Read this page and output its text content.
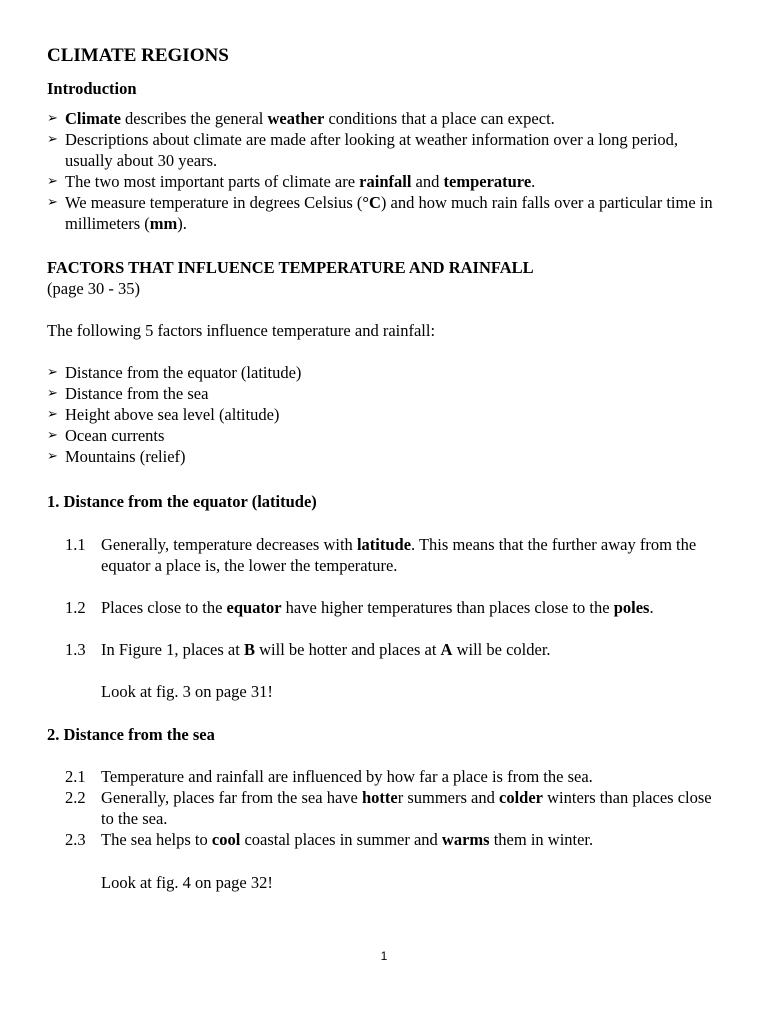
CLIMATE REGIONS
Introduction
➢ Climate describes the general weather conditions that a place can expect.
➢ Descriptions about climate are made after looking at weather information over a long period, usually about 30 years.
➢ The two most important parts of climate are rainfall and temperature.
➢ We measure temperature in degrees Celsius (°C) and how much rain falls over a particular time in millimeters (mm).
FACTORS THAT INFLUENCE TEMPERATURE AND RAINFALL
(page 30 - 35)
The following 5 factors influence temperature and rainfall:
➢ Distance from the equator (latitude)
➢ Distance from the sea
➢ Height above sea level (altitude)
➢ Ocean currents
➢ Mountains (relief)
1. Distance from the equator (latitude)
1.1 Generally, temperature decreases with latitude. This means that the further away from the equator a place is, the lower the temperature.
1.2 Places close to the equator have higher temperatures than places close to the poles.
1.3 In Figure 1, places at B will be hotter and places at A will be colder.
Look at fig. 3 on page 31!
2. Distance from the sea
2.1 Temperature and rainfall are influenced by how far a place is from the sea.
2.2 Generally, places far from the sea have hotter summers and colder winters than places close to the sea.
2.3 The sea helps to cool coastal places in summer and warms them in winter.
Look at fig. 4 on page 32!
1
